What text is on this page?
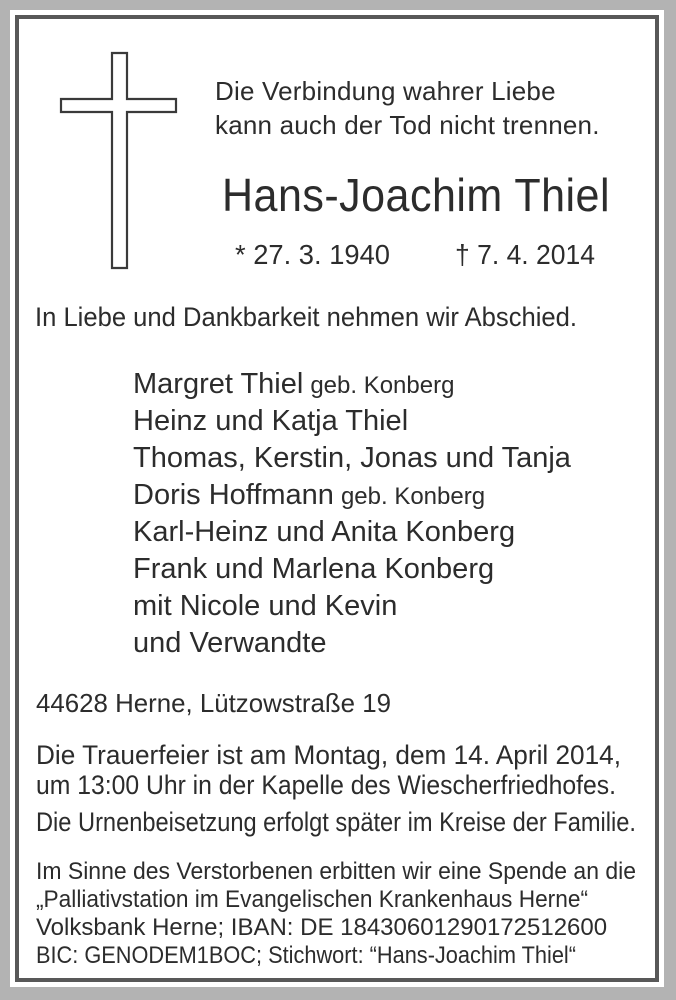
Die Verbindung wahrer Liebe
kann auch der Tod nicht trennen.
Hans-Joachim Thiel
* 27. 3. 1940 † 7. 4. 2014
In Liebe und Dankbarkeit nehmen wir Abschied.
Margret Thiel geb. Konberg
Heinz und Katja Thiel
Thomas, Kerstin, Jonas und Tanja
Doris Hoffmann geb. Konberg
Karl-Heinz und Anita Konberg
Frank und Marlena Konberg
mit Nicole und Kevin
und Verwandte
44628 Herne, Lützowstraße 19
Die Trauerfeier ist am Montag, dem 14. April 2014,
um 13:00 Uhr in der Kapelle des Wiescherfriedhofes.
Die Urnenbeisetzung erfolgt später im Kreise der Familie.
Im Sinne des Verstorbenen erbitten wir eine Spende an die
„Palliativstation im Evangelischen Krankenhaus Herne“
Volksbank Herne; IBAN: DE 18430601290172512600
BIC: GENODEM1BOC; Stichwort: “Hans-Joachim Thiel“
